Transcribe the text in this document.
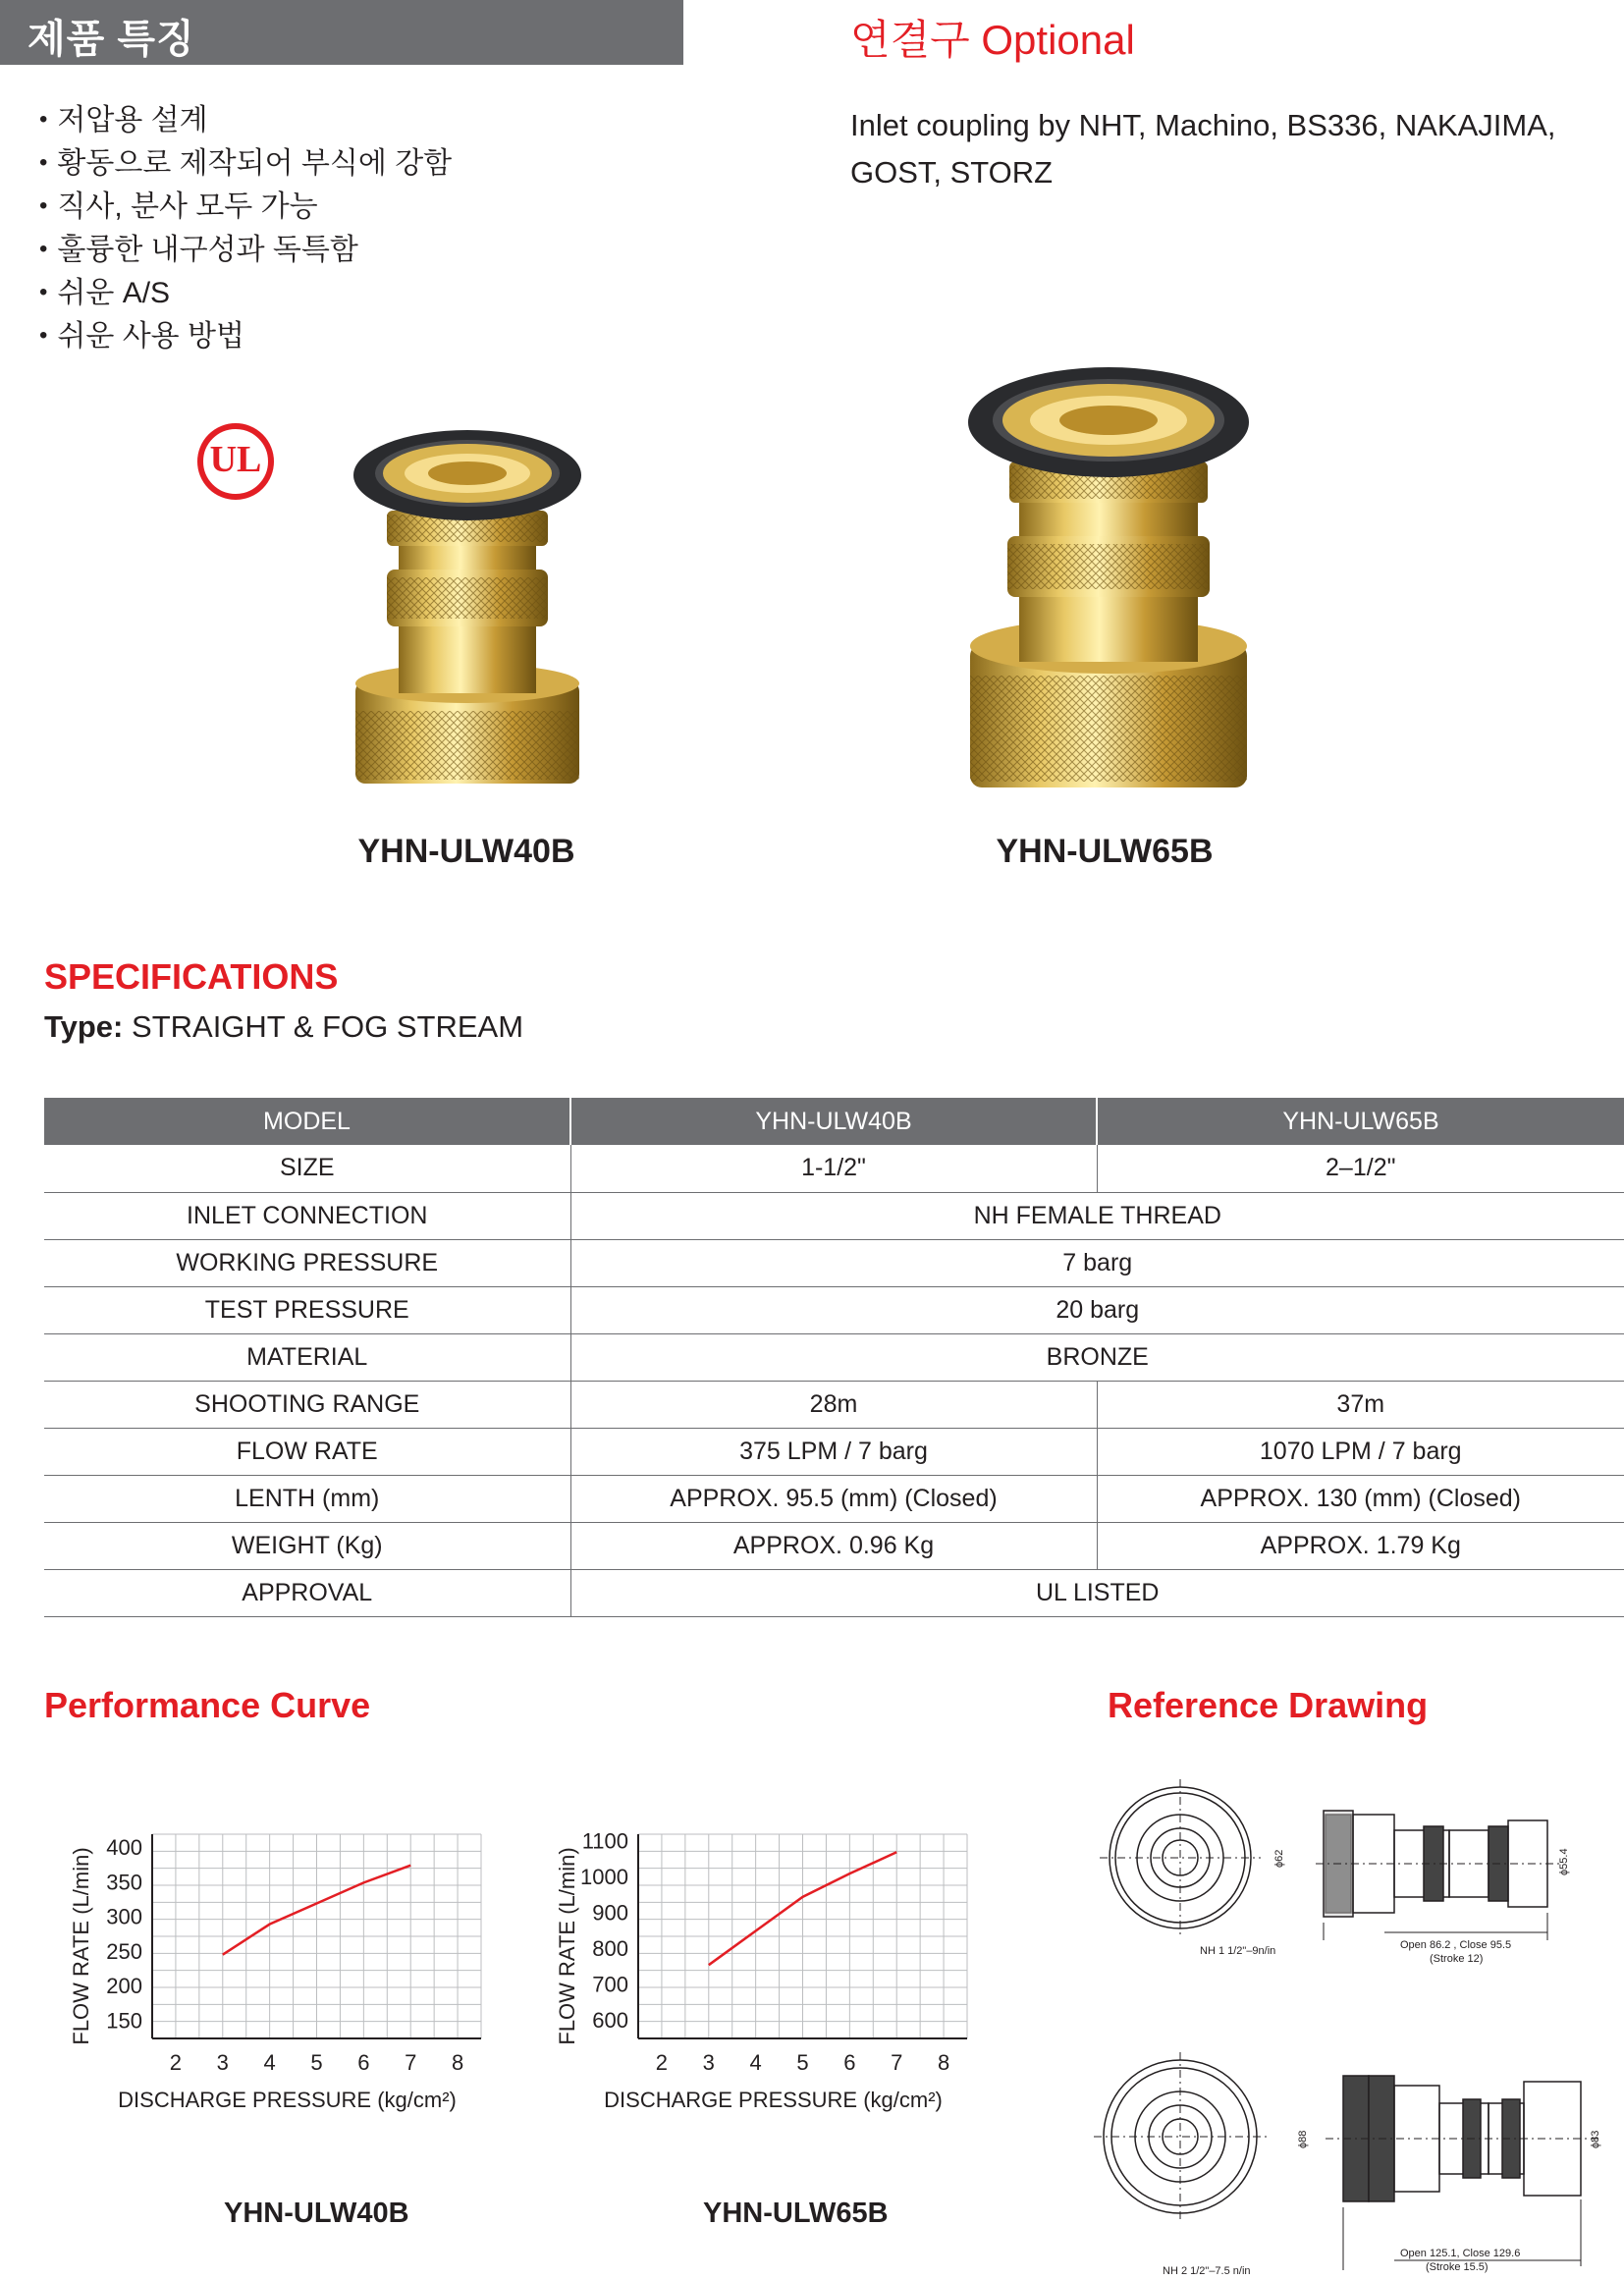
제품 특징
• 저압용 설계
• 황동으로 제작되어 부식에 강함
• 직사, 분사 모두 가능
• 훌륭한 내구성과 독특함
• 쉬운 A/S
• 쉬운 사용 방법
연결구 Optional
Inlet coupling by NHT, Machino, BS336, NAKAJIMA,
GOST, STORZ
UL
YHN-ULW40B	YHN-ULW65B
SPECIFICATIONS
Type: STRAIGHT & FOG STREAM
MODEL	YHN-ULW40B	YHN-ULW65B
SIZE	1-1/2"	2–1/2"
INLET CONNECTION	NH FEMALE THREAD	
WORKING PRESSURE	7 barg	
TEST PRESSURE	20 barg	
MATERIAL	BRONZE	
SHOOTING RANGE	28m	37m
FLOW RATE	375 LPM / 7 barg	1070 LPM / 7 barg
LENTH (mm)	APPROX. 95.5 (mm) (Closed)	APPROX. 130 (mm) (Closed)
WEIGHT (Kg)	APPROX. 0.96 Kg	APPROX. 1.79 Kg
APPROVAL	UL LISTED	
Performance Curve	Reference Drawing
2 3 4 5 6 7 8
150
200
250
300
350
400
DISCHARGE PRESSURE (kg/cm²)
FLOW RATE (L/min)
2 3 4 5 6 7 8
600
700
800
900
1000
1100
DISCHARGE PRESSURE (kg/cm²)
FLOW RATE (L/min)
YHN-ULW40B	YHN-ULW65B
ϕ62	ϕ55.4
NH 1 1/2"–9n/in	Open 86.2 , Close 95.5
(Stroke 12)
ϕ88	ϕ83
NH 2 1/2"–7.5 n/in
Open 125.1, Close 129.6
(Stroke 15.5)
